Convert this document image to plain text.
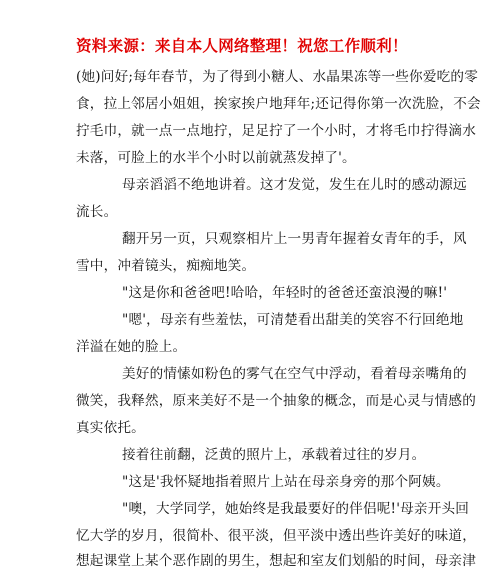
资料来源：来自本人网络整理！祝您工作顺利！
(她)问好;每年春节，为了得到小糖人、水晶果冻等一些你爱吃的零
食，拉上邻居小姐姐，挨家挨户地拜年;还记得你第一次洗脸，不会
拧毛巾，就一点一点地拧，足足拧了一个小时，才将毛巾拧得滴水
未落，可脸上的水半个小时以前就蒸发掉了'。
母亲滔滔不绝地讲着。这才发觉，发生在儿时的感动源远
流长。
翻开另一页，只观察相片上一男青年握着女青年的手，风
雪中，冲着镜头，痴痴地笑。
"这是你和爸爸吧!哈哈，年轻时的爸爸还蛮浪漫的嘛!'
"嗯'，母亲有些羞怯，可清楚看出甜美的笑容不行回绝地
洋溢在她的脸上。
美好的情愫如粉色的雾气在空气中浮动，看着母亲嘴角的
微笑，我释然，原来美好不是一个抽象的概念，而是心灵与情感的
真实依托。
接着往前翻，泛黄的照片上，承载着过往的岁月。
"这是'我怀疑地指着照片上站在母亲身旁的那个阿姨。
"噢，大学同学，她始终是我最要好的伴侣呢!'母亲开头回
忆大学的岁月，很简朴、很平淡，但平淡中透出些许美好的味道，
想起课堂上某个恶作剧的男生，想起和室友们划船的时间，母亲津
